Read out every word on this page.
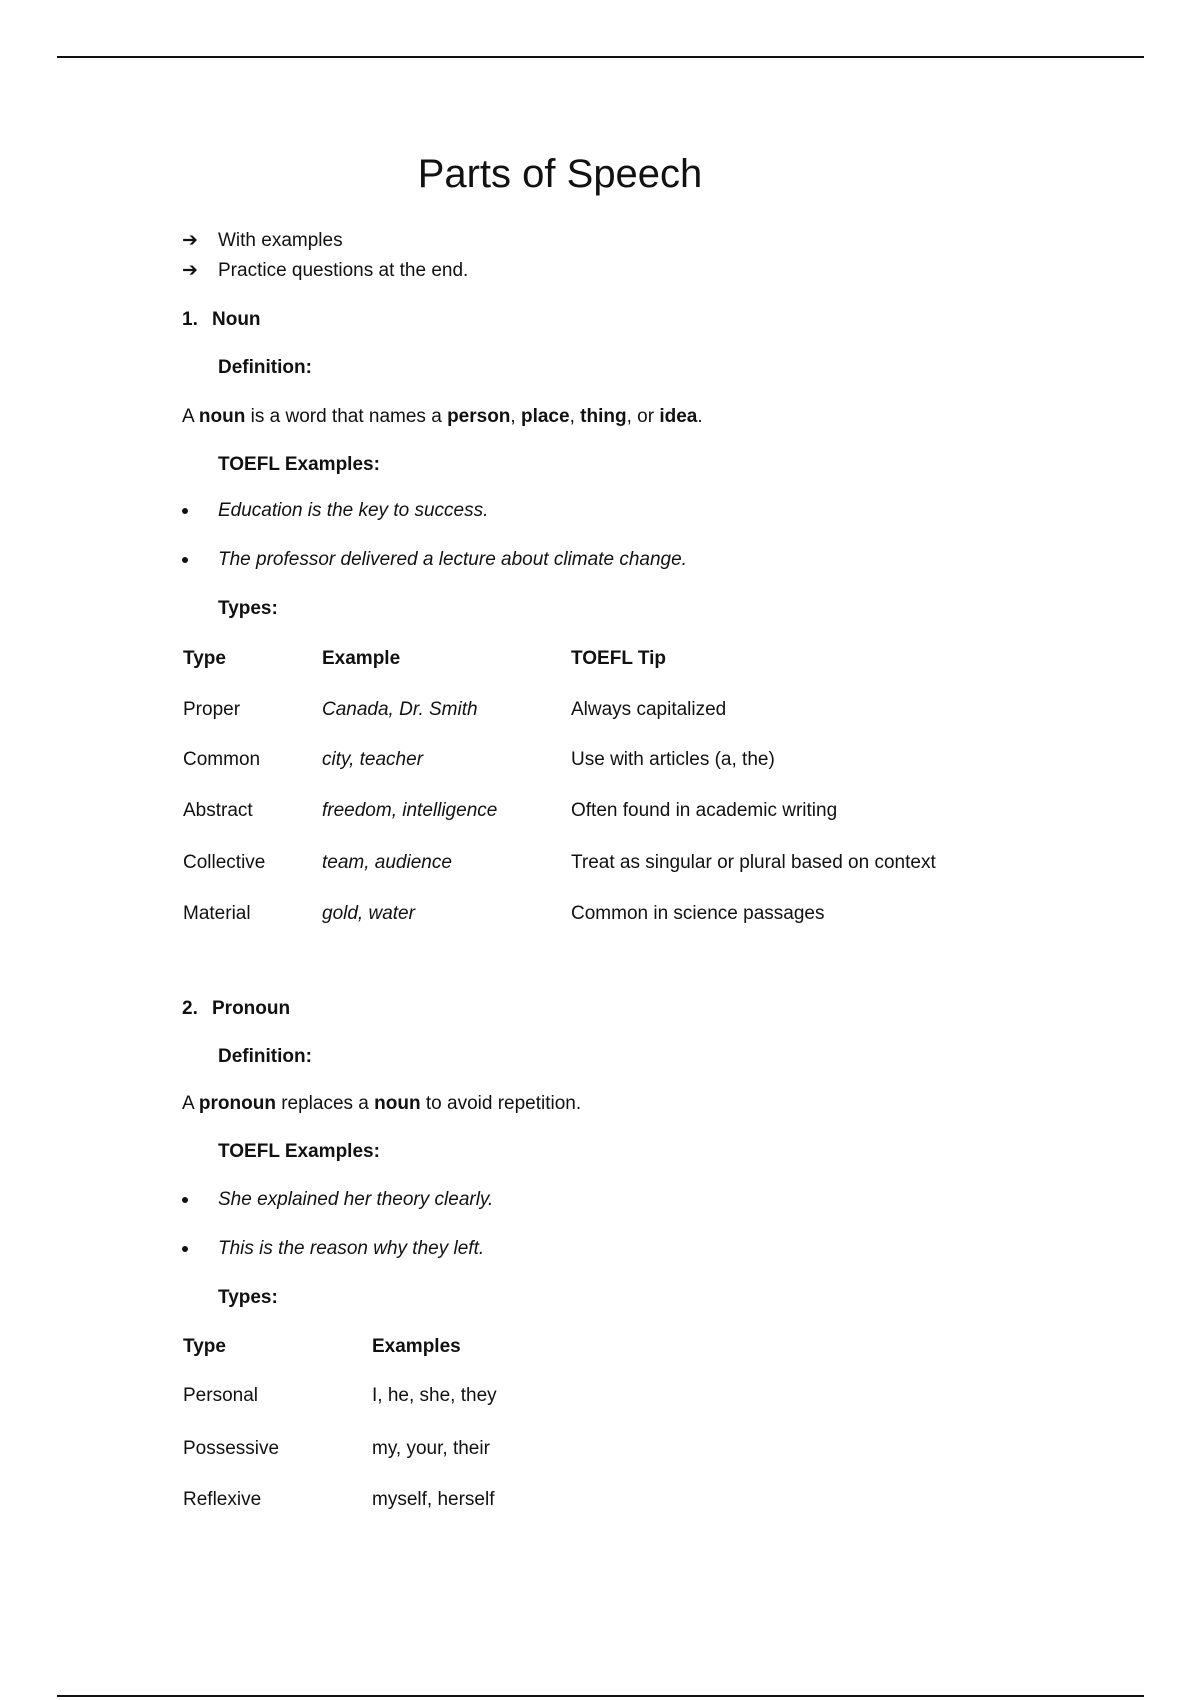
Parts of Speech
➔ With examples
➔ Practice questions at the end.
1. Noun
Definition:
A noun is a word that names a person, place, thing, or idea.
TOEFL Examples:
Education is the key to success.
The professor delivered a lecture about climate change.
Types:
Type	Example	TOEFL Tip
Proper	Canada, Dr. Smith	Always capitalized
Common	city, teacher	Use with articles (a, the)
Abstract	freedom, intelligence	Often found in academic writing
Collective	team, audience	Treat as singular or plural based on context
Material	gold, water	Common in science passages
2. Pronoun
Definition:
A pronoun replaces a noun to avoid repetition.
TOEFL Examples:
She explained her theory clearly.
This is the reason why they left.
Types:
Type	Examples
Personal	I, he, she, they
Possessive	my, your, their
Reflexive	myself, herself
